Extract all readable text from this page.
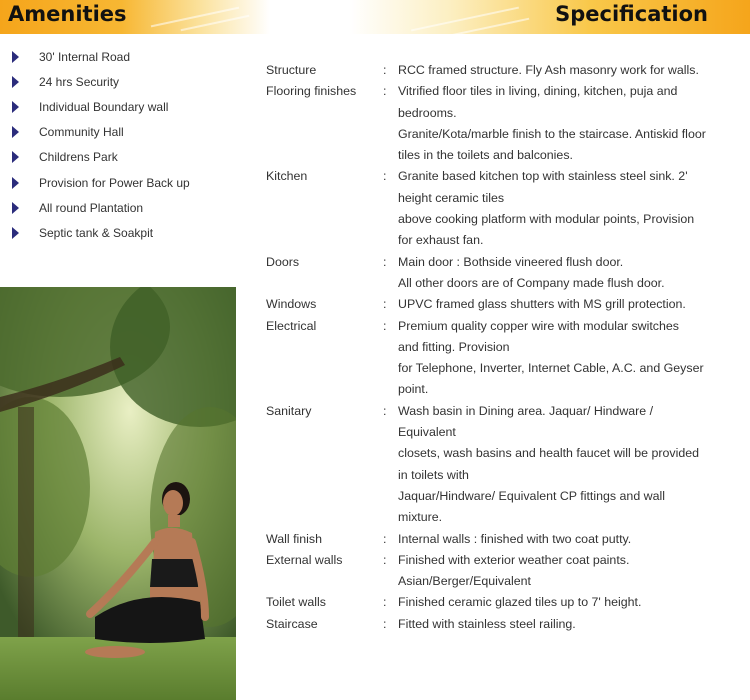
Amenities	Specification
30' Internal Road
24 hrs Security
Individual Boundary wall
Community Hall
Childrens Park
Provision for Power Back up
All round Plantation
Septic tank & Soakpit
Structure	: RCC framed structure. Fly Ash masonry work for walls.
Flooring finishes	: Vitrified floor tiles in living, dining, kitchen, puja and
bedrooms.
Granite/Kota/marble finish to the staircase. Antiskid floor
tiles in the toilets and balconies.
Kitchen	: Granite based kitchen top with stainless steel sink. 2'
height ceramic tiles
above cooking platform with modular points, Provision
for exhaust fan.
Doors	: Main door : Bothside vineered flush door.
All other doors are of Company made flush door.
Windows	: UPVC framed glass shutters with MS grill protection.
Electrical	: Premium quality copper wire with modular switches
and fitting. Provision
for Telephone, Inverter, Internet Cable, A.C. and Geyser
point.
Sanitary	: Wash basin in Dining area. Jaquar/ Hindware /
Equivalent
closets, wash basins and health faucet will be provided
in toilets with
Jaquar/Hindware/ Equivalent CP fittings and wall
mixture.
Wall finish	: Internal walls : finished with two coat putty.
External walls	: Finished with exterior weather coat paints.
Asian/Berger/Equivalent
Toilet walls	: Finished ceramic glazed tiles up to 7' height.
Staircase	: Fitted with stainless steel railing.
